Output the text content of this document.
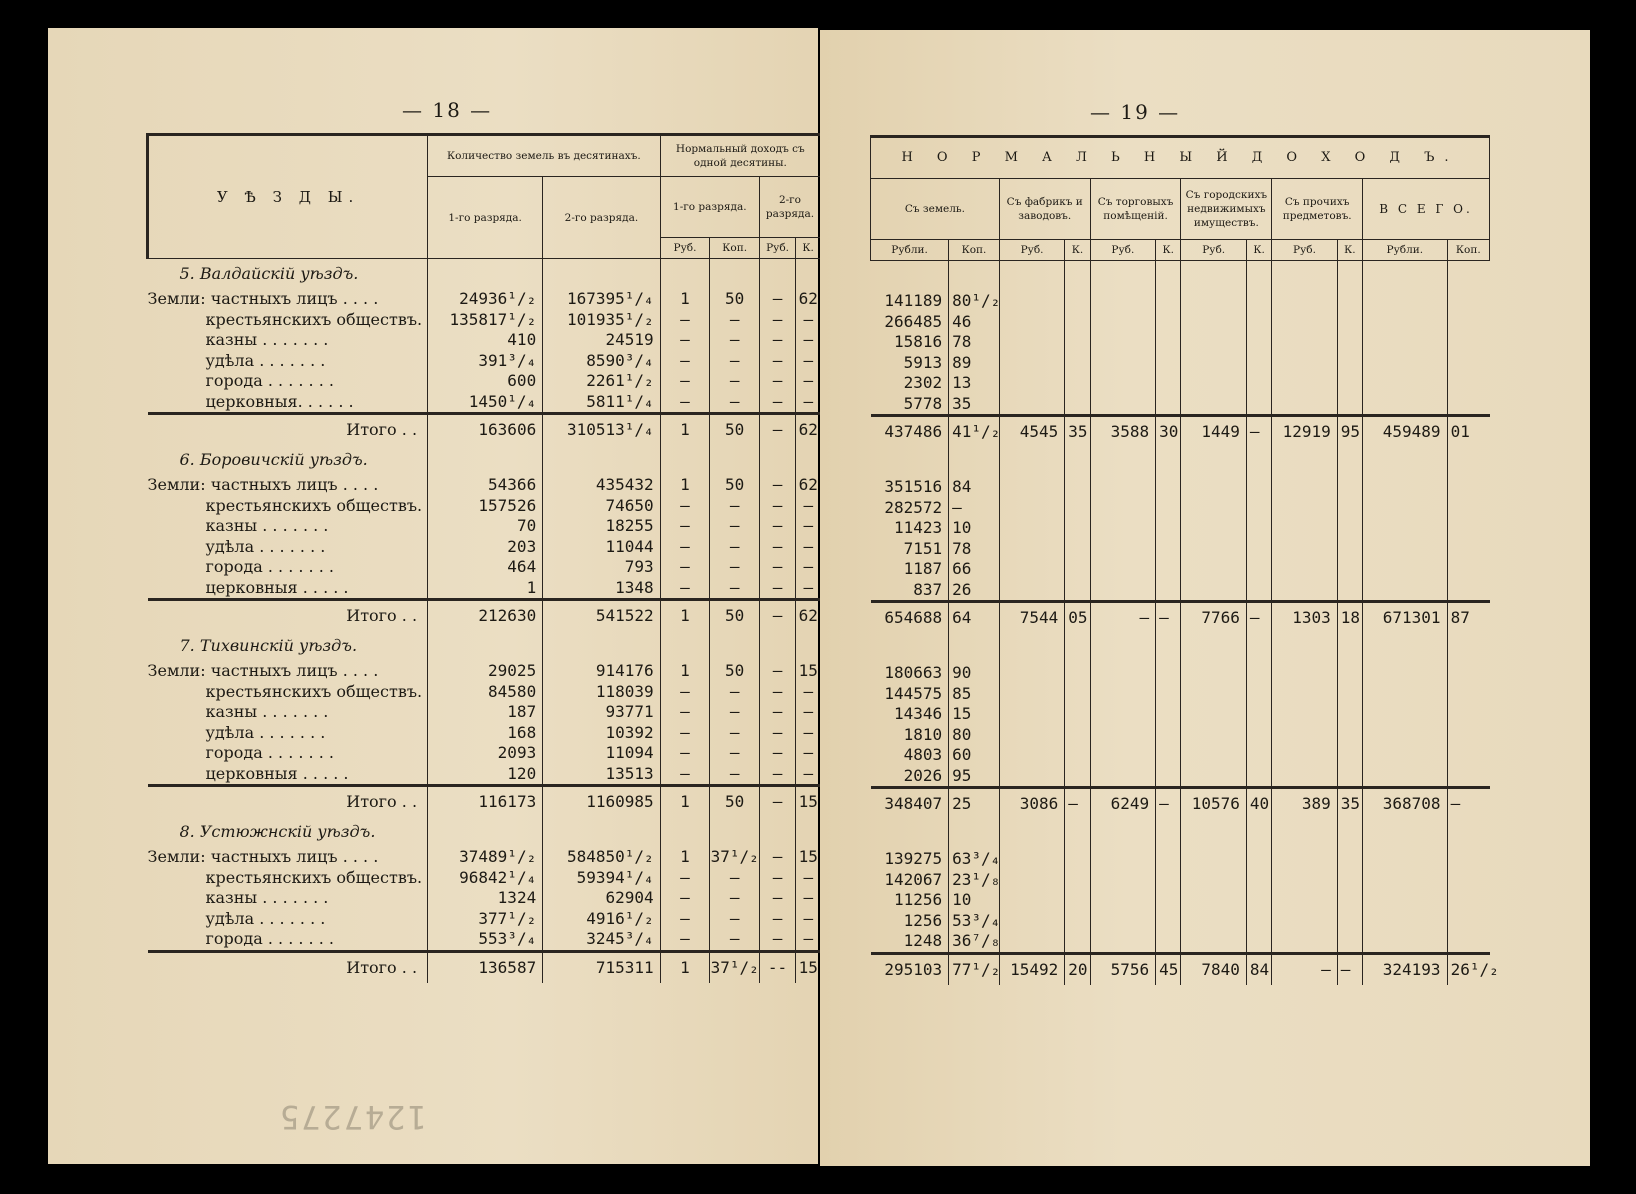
— 18 —
У Ѣ З Д Ы.	Количество земель въ десятинахъ.		Нормальный доходъ съ одной десятины.			
	1-го разряда.	2-го разряда.	1-го разряда.		2-го разряда.	
			Руб.	Коп.	Руб.	К.
5. Валдайскій уѣздъ.						
Земли: частныхъ лицъ . . . .	24936¹/₂	167395¹/₄	1	50	—	62
крестьянскихъ обществъ.	135817¹/₂	101935¹/₂	—	—	—	—
казны . . . . . . .	410	24519	—	—	—	—
удѣла . . . . . . .	391³/₄	8590³/₄	—	—	—	—
города . . . . . . .	600	2261¹/₂	—	—	—	—
церковныя. . . . . .	1450¹/₄	5811¹/₄	—	—	—	—
Итого . .	163606	310513¹/₄	1	50	—	62
6. Боровичскій уѣздъ.						
Земли: частныхъ лицъ . . . .	54366	435432	1	50	—	62
крестьянскихъ обществъ.	157526	74650	—	—	—	—
казны . . . . . . .	70	18255	—	—	—	—
удѣла . . . . . . .	203	11044	—	—	—	—
города . . . . . . .	464	793	—	—	—	—
церковныя . . . . .	1	1348	—	—	—	—
Итого . .	212630	541522	1	50	—	62
7. Тихвинскій уѣздъ.						
Земли: частныхъ лицъ . . . .	29025	914176	1	50	—	15
крестьянскихъ обществъ.	84580	118039	—	—	—	—
казны . . . . . . .	187	93771	—	—	—	—
удѣла . . . . . . .	168	10392	—	—	—	—
города . . . . . . .	2093	11094	—	—	—	—
церковныя . . . . .	120	13513	—	—	—	—
Итого . .	116173	1160985	1	50	—	15
8. Устюжнскій уѣздъ.						
Земли: частныхъ лицъ . . . .	37489¹/₂	584850¹/₂	1	37¹/₂	—	15
крестьянскихъ обществъ.	96842¹/₄	59394¹/₄	—	—	—	—
казны . . . . . . .	1324	62904	—	—	—	—
удѣла . . . . . . .	377¹/₂	4916¹/₂	—	—	—	—
города . . . . . . .	553³/₄	3245³/₄	—	—	—	—
Итого . .	136587	715311	1	37¹/₂	--	15
1247275
— 19 —
Н О Р М А Л Ь Н Ы Й Д О Х О Д Ъ.											
Съ земель.		Съ фабрикъ и заводовъ.		Съ торговыхъ помѣщеній.		Съ городскихъ недвижимыхъ имуществъ.		Съ прочихъ предметовъ.		В С Е Г О.	
Рубли.	Коп.	Руб.	К.	Руб.	К.	Руб.	К.	Руб.	К.	Рубли.	Коп.

141189	80¹/₂										
266485	46										
15816	78										
5913	89										
2302	13										
5778	35										
437486	41¹/₂	4545	35	3588	30	1449	—	12919	95	459489	01

351516	84										
282572	—										
11423	10										
7151	78										
1187	66										
837	26										
654688	64	7544	05	—	—	7766	—	1303	18	671301	87

180663	90										
144575	85										
14346	15										
1810	80										
4803	60										
2026	95										
348407	25	3086	—	6249	—	10576	40	389	35	368708	—

139275	63³/₄										
142067	23¹/₈										
11256	10										
1256	53³/₄										
1248	36⁷/₈										
295103	77¹/₂	15492	20	5756	45	7840	84	—	—	324193	26¹/₂
